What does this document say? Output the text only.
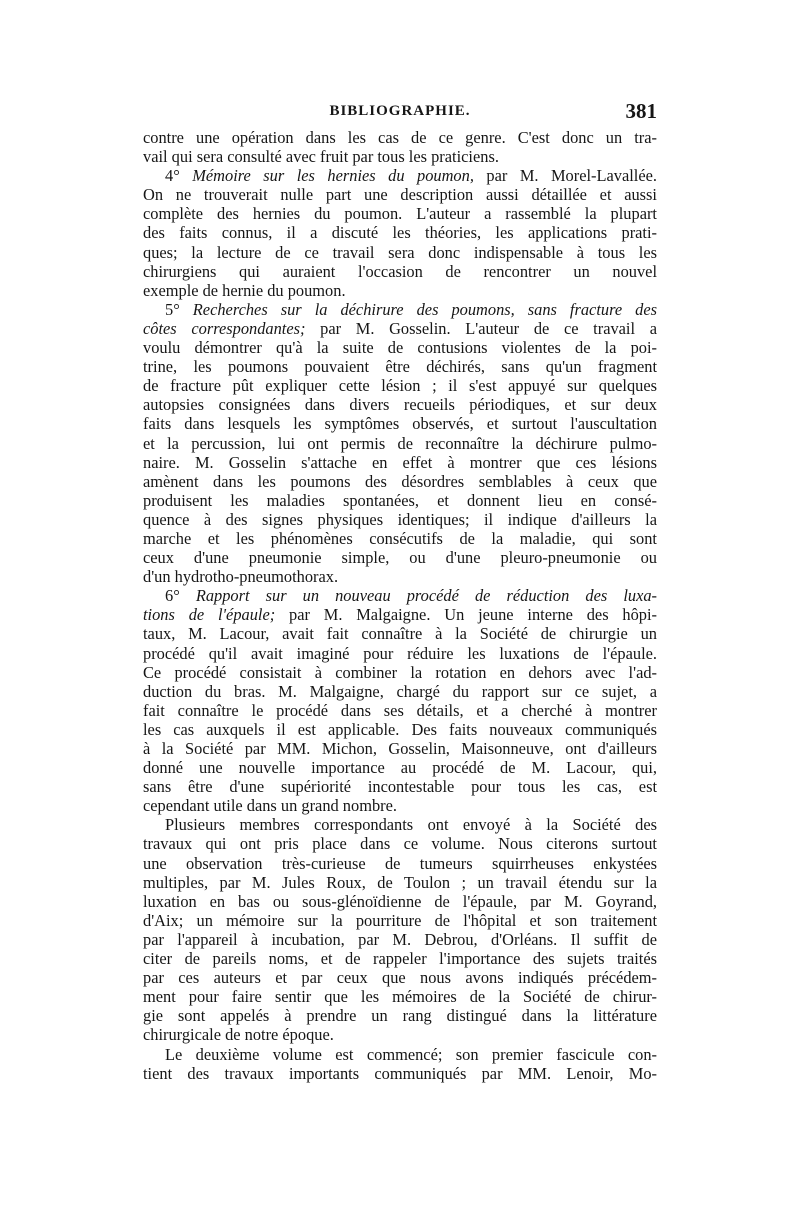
BIBLIOGRAPHIE.	381
contre une opération dans les cas de ce genre. C'est donc un tra-
vail qui sera consulté avec fruit par tous les praticiens.
4° Mémoire sur les hernies du poumon, par M. Morel-Lavallée.
On ne trouverait nulle part une description aussi détaillée et aussi
complète des hernies du poumon. L'auteur a rassemblé la plupart
des faits connus, il a discuté les théories, les applications prati-
ques; la lecture de ce travail sera donc indispensable à tous les
chirurgiens qui auraient l'occasion de rencontrer un nouvel
exemple de hernie du poumon.
5° Recherches sur la déchirure des poumons, sans fracture des
côtes correspondantes; par M. Gosselin. L'auteur de ce travail a
voulu démontrer qu'à la suite de contusions violentes de la poi-
trine, les poumons pouvaient être déchirés, sans qu'un fragment
de fracture pût expliquer cette lésion ; il s'est appuyé sur quelques
autopsies consignées dans divers recueils périodiques, et sur deux
faits dans lesquels les symptômes observés, et surtout l'auscultation
et la percussion, lui ont permis de reconnaître la déchirure pulmo-
naire. M. Gosselin s'attache en effet à montrer que ces lésions
amènent dans les poumons des désordres semblables à ceux que
produisent les maladies spontanées, et donnent lieu en consé-
quence à des signes physiques identiques; il indique d'ailleurs la
marche et les phénomènes consécutifs de la maladie, qui sont
ceux d'une pneumonie simple, ou d'une pleuro-pneumonie ou
d'un hydrotho-pneumothorax.
6° Rapport sur un nouveau procédé de réduction des luxa-
tions de l'épaule; par M. Malgaigne. Un jeune interne des hôpi-
taux, M. Lacour, avait fait connaître à la Société de chirurgie un
procédé qu'il avait imaginé pour réduire les luxations de l'épaule.
Ce procédé consistait à combiner la rotation en dehors avec l'ad-
duction du bras. M. Malgaigne, chargé du rapport sur ce sujet, a
fait connaître le procédé dans ses détails, et a cherché à montrer
les cas auxquels il est applicable. Des faits nouveaux communiqués
à la Société par MM. Michon, Gosselin, Maisonneuve, ont d'ailleurs
donné une nouvelle importance au procédé de M. Lacour, qui,
sans être d'une supériorité incontestable pour tous les cas, est
cependant utile dans un grand nombre.
Plusieurs membres correspondants ont envoyé à la Société des
travaux qui ont pris place dans ce volume. Nous citerons surtout
une observation très-curieuse de tumeurs squirrheuses enkystées
multiples, par M. Jules Roux, de Toulon ; un travail étendu sur la
luxation en bas ou sous-glénoïdienne de l'épaule, par M. Goyrand,
d'Aix; un mémoire sur la pourriture de l'hôpital et son traitement
par l'appareil à incubation, par M. Debrou, d'Orléans. Il suffit de
citer de pareils noms, et de rappeler l'importance des sujets traités
par ces auteurs et par ceux que nous avons indiqués précédem-
ment pour faire sentir que les mémoires de la Société de chirur-
gie sont appelés à prendre un rang distingué dans la littérature
chirurgicale de notre époque.
Le deuxième volume est commencé; son premier fascicule con-
tient des travaux importants communiqués par MM. Lenoir, Mo-
